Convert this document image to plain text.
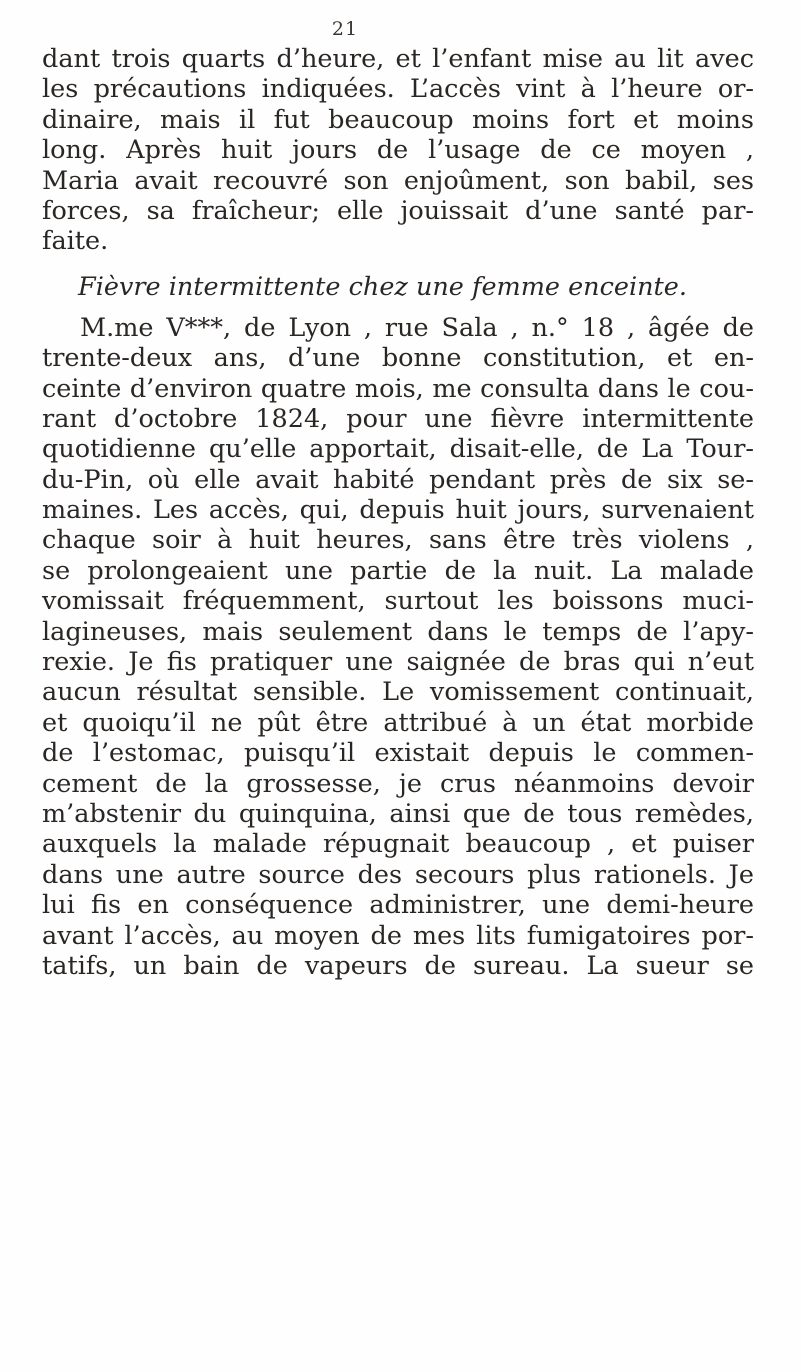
21
dant trois quarts d’heure, et l’enfant mise au lit avec
les précautions indiquées. L’accès vint à l’heure or-
dinaire, mais il fut beaucoup moins fort et moins
long. Après huit jours de l’usage de ce moyen ,
Maria avait recouvré son enjoûment, son babil, ses
forces, sa fraîcheur; elle jouissait d’une santé par-
faite.
Fièvre intermittente chez une femme enceinte.
M.me V***, de Lyon , rue Sala , n.° 18 , âgée de
trente-deux ans, d’une bonne constitution, et en-
ceinte d’environ quatre mois, me consulta dans le cou-
rant d’octobre 1824, pour une fièvre intermittente
quotidienne qu’elle apportait, disait-elle, de La Tour-
du-Pin, où elle avait habité pendant près de six se-
maines. Les accès, qui, depuis huit jours, survenaient
chaque soir à huit heures, sans être très violens ,
se prolongeaient une partie de la nuit. La malade
vomissait fréquemment, surtout les boissons muci-
lagineuses, mais seulement dans le temps de l’apy-
rexie. Je fis pratiquer une saignée de bras qui n’eut
aucun résultat sensible. Le vomissement continuait,
et quoiqu’il ne pût être attribué à un état morbide
de l’estomac, puisqu’il existait depuis le commen-
cement de la grossesse, je crus néanmoins devoir
m’abstenir du quinquina, ainsi que de tous remèdes,
auxquels la malade répugnait beaucoup , et puiser
dans une autre source des secours plus rationels. Je
lui fis en conséquence administrer, une demi-heure
avant l’accès, au moyen de mes lits fumigatoires por-
tatifs, un bain de vapeurs de sureau. La sueur se
